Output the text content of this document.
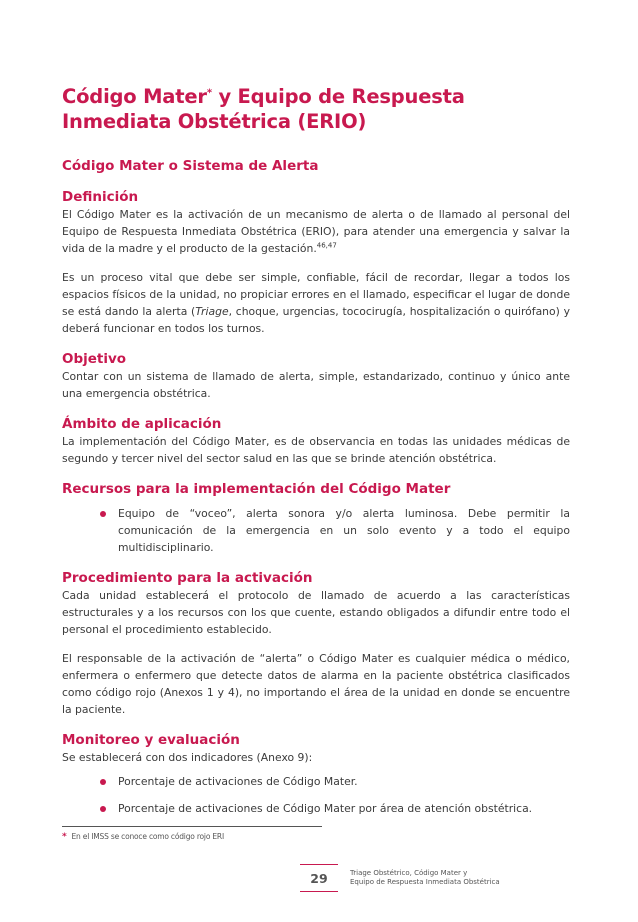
Código Mater* y Equipo de Respuesta Inmediata Obstétrica (ERIO)
Código Mater o Sistema de Alerta
Definición

El Código Mater es la activación de un mecanismo de alerta o de llamado al personal del Equipo de Respuesta Inmediata Obstétrica (ERIO), para atender una emergencia y salvar la vida de la madre y el producto de la gestación.$^{46,47}$

Es un proceso vital que debe ser simple, confiable, fácil de recordar, llegar a todos los espacios físicos de la unidad, no propiciar errores en el llamado, especificar el lugar de donde se está dando la alerta (Triage, choque, urgencias, tococirugía, hospitalización o quirófano) y deberá funcionar en todos los turnos.

Objetivo

Contar con un sistema de llamado de alerta, simple, estandarizado, continuo y único ante una emergencia obstétrica.

Ámbito de aplicación

La implementación del Código Mater, es de observancia en todas las unidades médicas de segundo y tercer nivel del sector salud en las que se brinde atención obstétrica.

Recursos para la implementación del Código Mater
Equipo de “voceo”, alerta sonora y/o alerta luminosa. Debe permitir la comunicación de la emergencia en un solo evento y a todo el equipo multidisciplinario.
Procedimiento para la activación

Cada unidad establecerá el protocolo de llamado de acuerdo a las características estructurales y a los recursos con los que cuente, estando obligados a difundir entre todo el personal el procedimiento establecido.

El responsable de la activación de “alerta” o Código Mater es cualquier médica o médico, enfermera o enfermero que detecte datos de alarma en la paciente obstétrica clasificados como código rojo (Anexos 1 y 4), no importando el área de la unidad en donde se encuentre la paciente.

Monitoreo y evaluación

Se establecerá con dos indicadores (Anexo 9):

Porcentaje de activaciones de Código Mater.
Porcentaje de activaciones de Código Mater por área de atención obstétrica.
* En el IMSS se conoce como código rojo ERI
29	Triage Obstétrico, Código Mater y
Equipo de Respuesta Inmediata Obstétrica
